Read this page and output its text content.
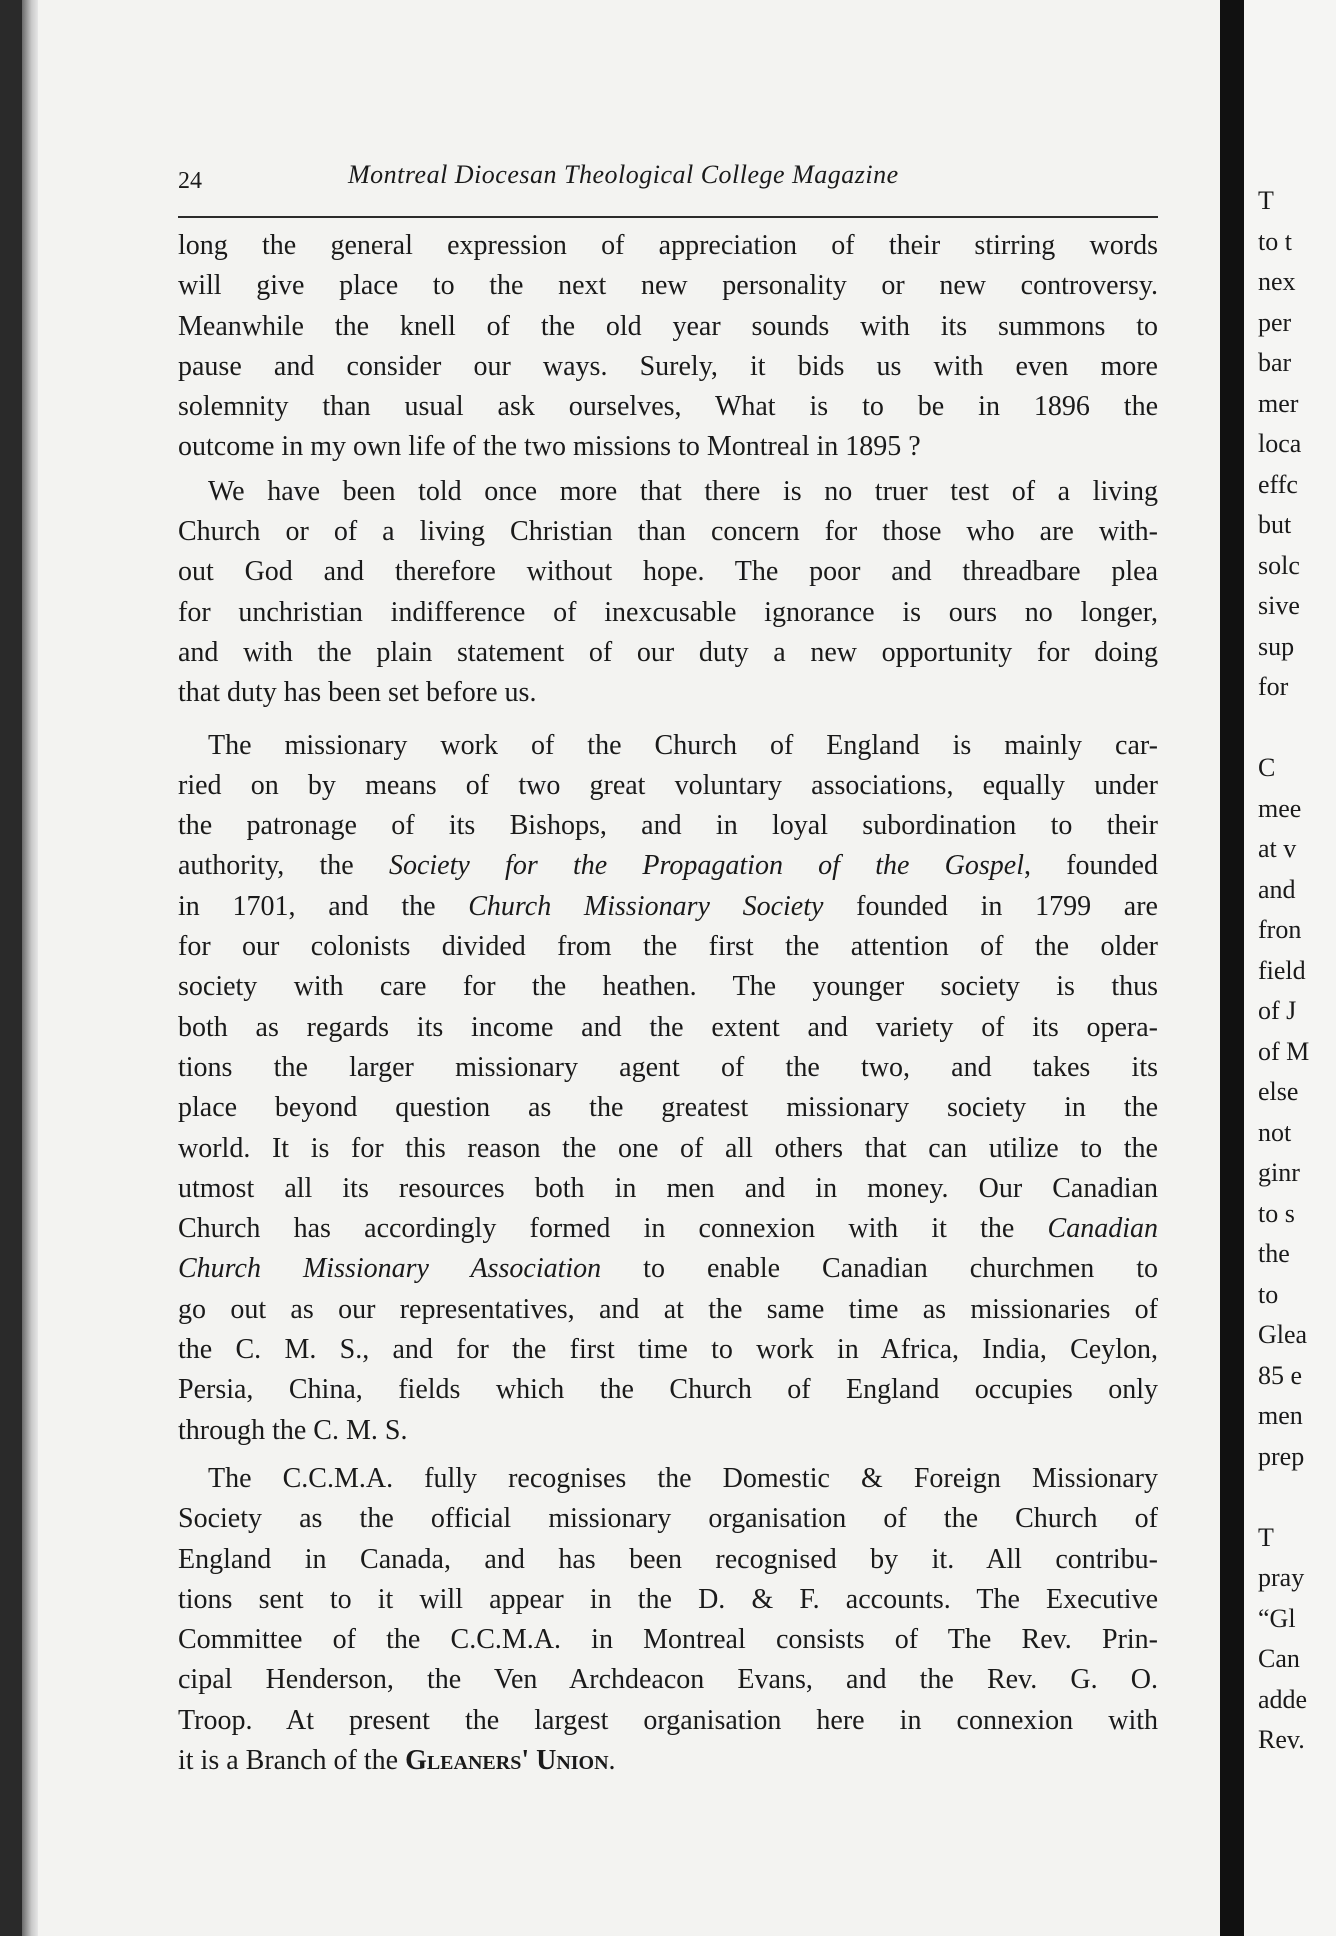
24	Montreal Diocesan Theological College Magazine
long the general expression of appreciation of their stirring words
will give place to the next new personality or new controversy.
Meanwhile the knell of the old year sounds with its summons to
pause and consider our ways. Surely, it bids us with even more
solemnity than usual ask ourselves, What is to be in 1896 the
outcome in my own life of the two missions to Montreal in 1895 ?
We have been told once more that there is no truer test of a living
Church or of a living Christian than concern for those who are with-
out God and therefore without hope. The poor and threadbare plea
for unchristian indifference of inexcusable ignorance is ours no longer,
and with the plain statement of our duty a new opportunity for doing
that duty has been set before us.
The missionary work of the Church of England is mainly car-
ried on by means of two great voluntary associations, equally under
the patronage of its Bishops, and in loyal subordination to their
authority, the Society for the Propagation of the Gospel, founded
in 1701, and the Church Missionary Society founded in 1799 are
for our colonists divided from the first the attention of the older
society with care for the heathen. The younger society is thus
both as regards its income and the extent and variety of its opera-
tions the larger missionary agent of the two, and takes its
place beyond question as the greatest missionary society in the
world. It is for this reason the one of all others that can utilize to the
utmost all its resources both in men and in money. Our Canadian
Church has accordingly formed in connexion with it the Canadian
Church Missionary Association to enable Canadian churchmen to
go out as our representatives, and at the same time as missionaries of
the C. M. S., and for the first time to work in Africa, India, Ceylon,
Persia, China, fields which the Church of England occupies only
through the C. M. S.
The C.C.M.A. fully recognises the Domestic & Foreign Missionary
Society as the official missionary organisation of the Church of
England in Canada, and has been recognised by it. All contribu-
tions sent to it will appear in the D. & F. accounts. The Executive
Committee of the C.C.M.A. in Montreal consists of The Rev. Prin-
cipal Henderson, the Ven Archdeacon Evans, and the Rev. G. O.
Troop. At present the largest organisation here in connexion with
it is a Branch of the Gleaners' Union.
T
to t
nex
per
bar
mer
loca
effc
but
solc
sive
sup
for
C
mee
at v
and
fron
field
of J
of M
else
not
ginr
to s
the
to
Glea
85 e
men
prep
T
pray
“Gl
Can
adde
Rev.
